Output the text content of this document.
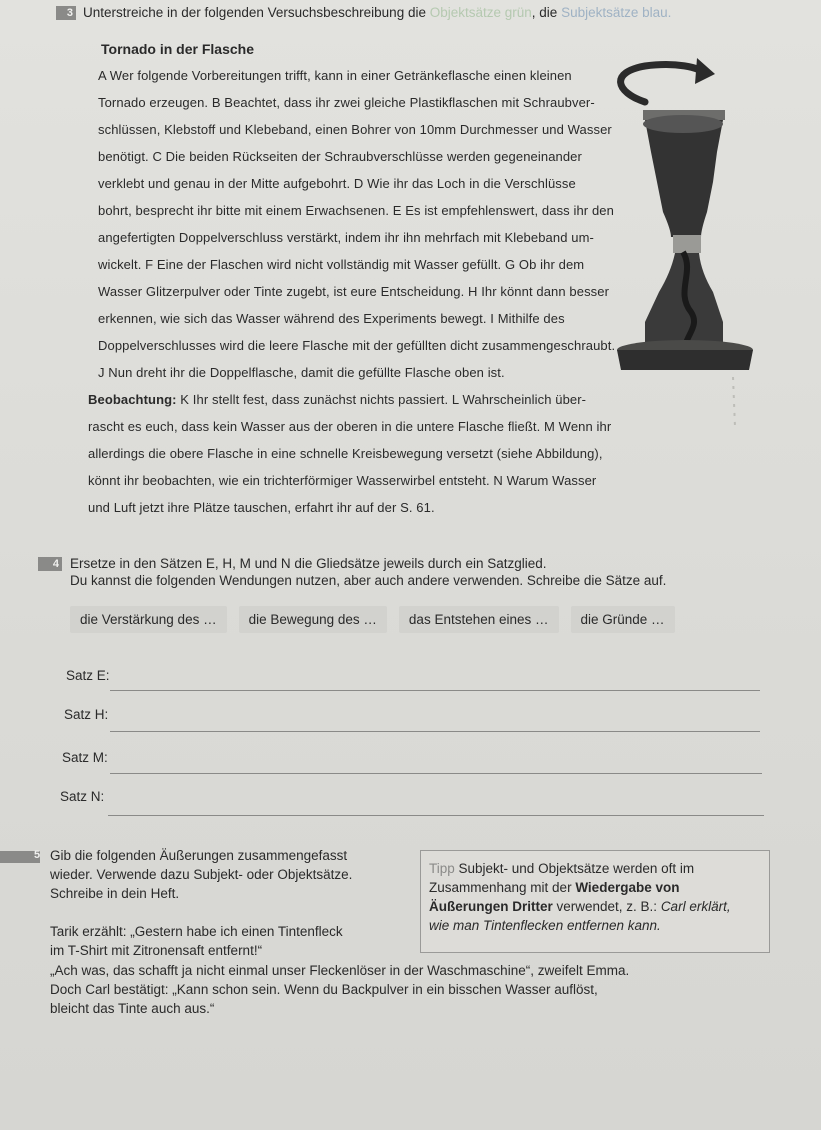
3 Unterstreiche in der folgenden Versuchsbeschreibung die Objektsätze grün, die Subjektsätze blau.
Tornado in der Flasche

A Wer folgende Vorbereitungen trifft, kann in einer Getränkeflasche einen kleinen

Tornado erzeugen. B Beachtet, dass ihr zwei gleiche Plastikflaschen mit Schraubver-

schlüssen, Klebstoff und Klebeband, einen Bohrer von 10mm Durchmesser und Wasser

benötigt. C Die beiden Rückseiten der Schraubverschlüsse werden gegeneinander

verklebt und genau in der Mitte aufgebohrt. D Wie ihr das Loch in die Verschlüsse

bohrt, besprecht ihr bitte mit einem Erwachsenen. E Es ist empfehlenswert, dass ihr den

angefertigten Doppelverschluss verstärkt, indem ihr ihn mehrfach mit Klebeband um-

wickelt. F Eine der Flaschen wird nicht vollständig mit Wasser gefüllt. G Ob ihr dem

Wasser Glitzerpulver oder Tinte zugebt, ist eure Entscheidung. H Ihr könnt dann besser

erkennen, wie sich das Wasser während des Experiments bewegt. I Mithilfe des

Doppelverschlusses wird die leere Flasche mit der gefüllten dicht zusammengeschraubt.

J Nun dreht ihr die Doppelflasche, damit die gefüllte Flasche oben ist.

Beobachtung: K Ihr stellt fest, dass zunächst nichts passiert. L Wahrscheinlich über-

rascht es euch, dass kein Wasser aus der oberen in die untere Flasche fließt. M Wenn ihr

allerdings die obere Flasche in eine schnelle Kreisbewegung versetzt (siehe Abbildung),

könnt ihr beobachten, wie ein trichterförmiger Wasserwirbel entsteht. N Warum Wasser

und Luft jetzt ihre Plätze tauschen, erfahrt ihr auf der S. 61.

4 Ersetze in den Sätzen E, H, M und N die Gliedsätze jeweils durch ein Satzglied.
Du kannst die folgenden Wendungen nutzen, aber auch andere verwenden. Schreibe die Sätze auf.
die Verstärkung des …	die Bewegung des …	das Entstehen eines …	die Gründe …
Satz E:
Satz H:
Satz M:
Satz N:
5 Gib die folgenden Äußerungen zusammengefasst
wieder. Verwende dazu Subjekt- oder Objektsätze.
Schreibe in dein Heft.
Tarik erzählt: „Gestern habe ich einen Tintenfleck
im T-Shirt mit Zitronensaft entfernt!“
„Ach was, das schafft ja nicht einmal unser Fleckenlöser in der Waschmaschine“, zweifelt Emma.
Doch Carl bestätigt: „Kann schon sein. Wenn du Backpulver in ein bisschen Wasser auflöst,
bleicht das Tinte auch aus.“
Tipp Subjekt- und Objektsätze werden oft im
Zusammenhang mit der Wiedergabe von
Äußerungen Dritter verwendet, z. B.: Carl erklärt,
wie man Tintenflecken entfernen kann.
